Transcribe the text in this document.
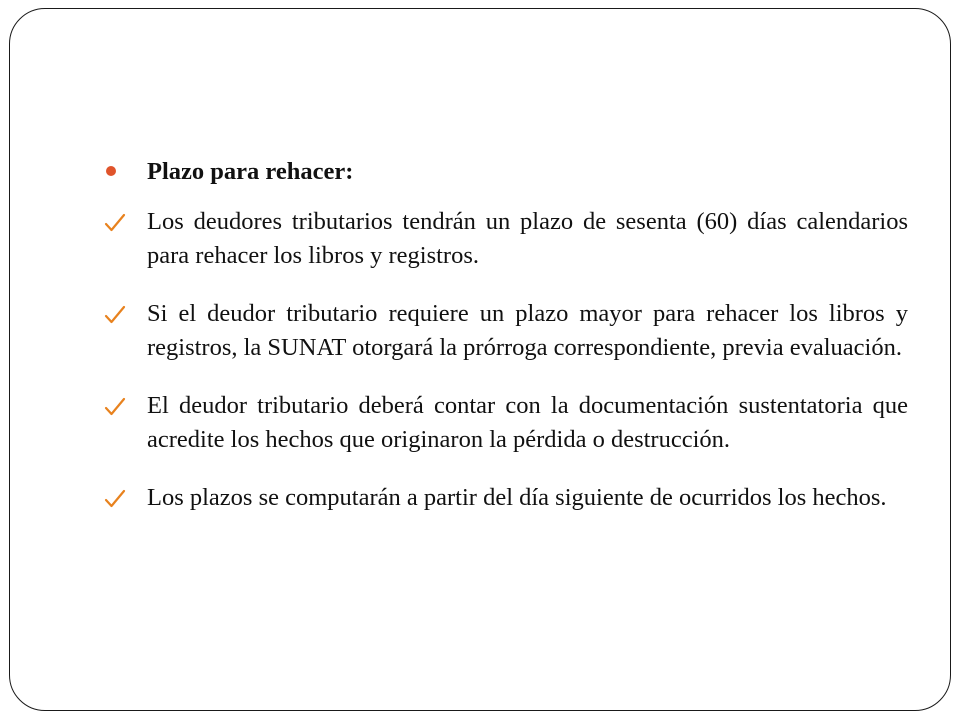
Plazo para rehacer:
Los deudores tributarios tendrán un plazo de sesenta (60) días calendarios para rehacer los libros y registros.
Si el deudor tributario requiere un plazo mayor para rehacer los libros y registros, la SUNAT otorgará la prórroga correspondiente, previa evaluación.
El deudor tributario deberá contar con la documentación sustentatoria que acredite los hechos que originaron la pérdida o destrucción.
Los plazos se computarán a partir del día siguiente de ocurridos los hechos.
